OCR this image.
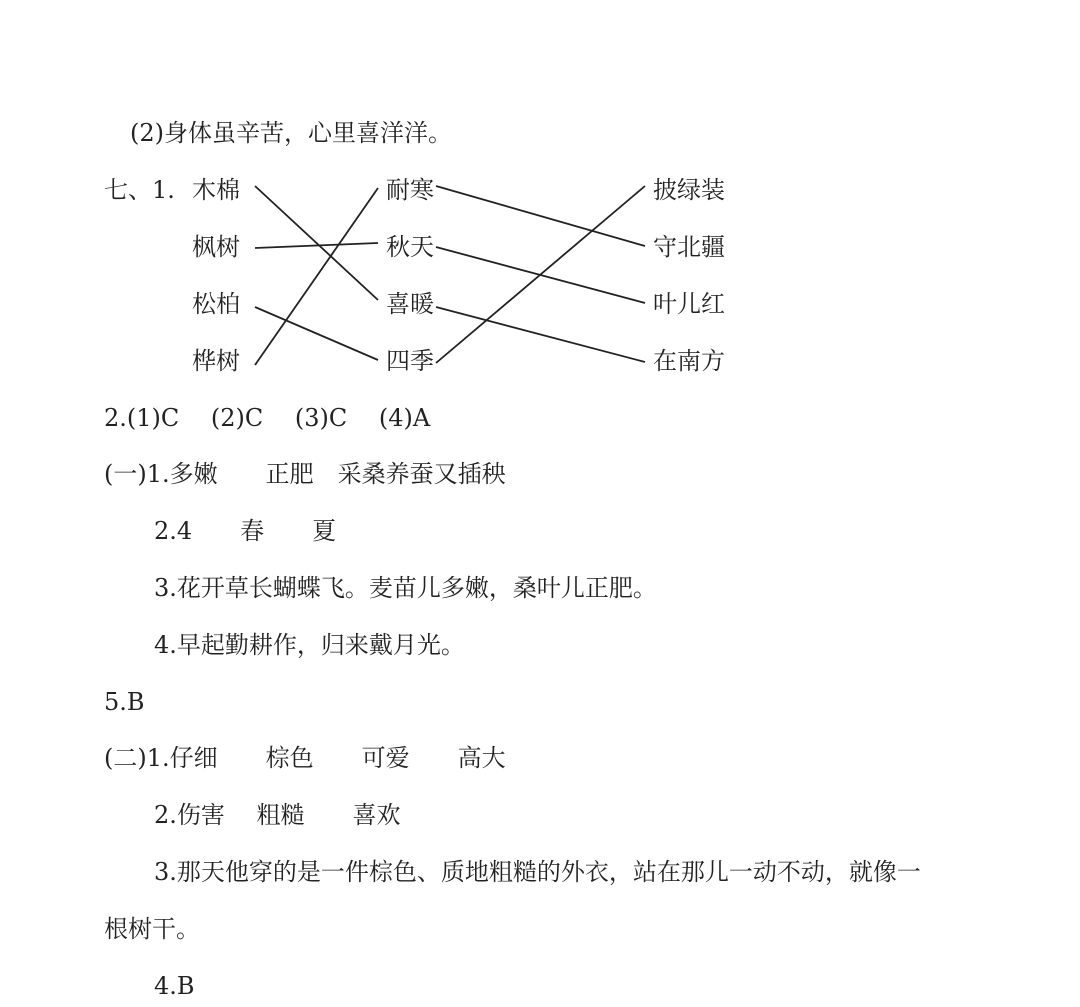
(2)身体虽辛苦，心里喜洋洋。
七、1. 木棉
枫树
松柏
桦树
耐寒
秋天
喜暖
四季
披绿装
守北疆
叶儿红
在南方
2.(1)C　 (2)C　 (3)C　 (4)A
(一)1.多嫩　　正肥　采桑养蚕又插秧
2.4　　春　　夏
3.花开草长蝴蝶飞。麦苗儿多嫩，桑叶儿正肥。
4.早起勤耕作，归来戴月光。
5.B
(二)1.仔细　　棕色　　可爱　　高大
2.伤害　 粗糙　　喜欢
3.那天他穿的是一件棕色、质地粗糙的外衣，站在那儿一动不动，就像一
根树干。
4.B
